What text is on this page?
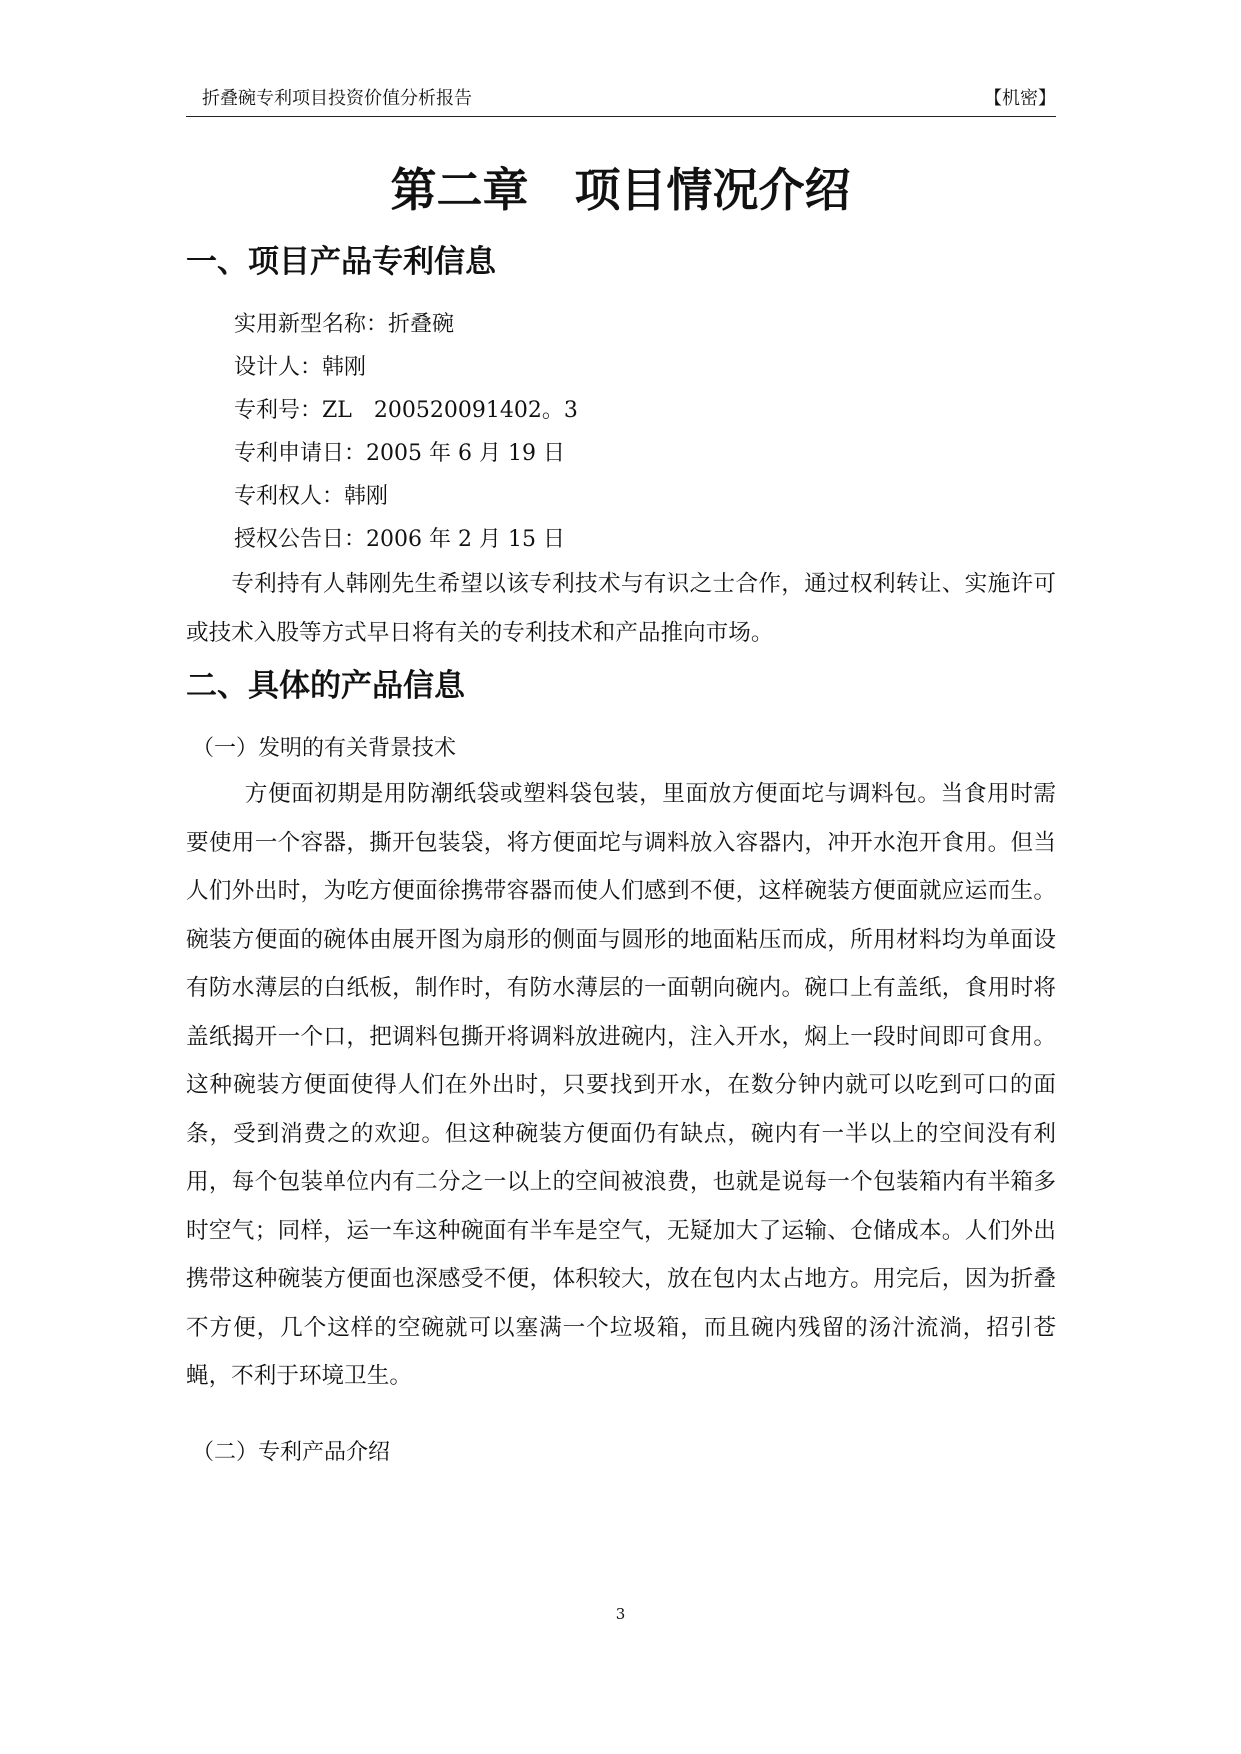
折叠碗专利项目投资价值分析报告	【机密】
第二章　项目情况介绍
一、项目产品专利信息
实用新型名称：折叠碗
设计人：韩刚
专利号：ZL　200520091402。3
专利申请日：2005 年 6 月 19 日
专利权人：韩刚
授权公告日：2006 年 2 月 15 日
专利持有人韩刚先生希望以该专利技术与有识之士合作，通过权利转让、实施许可或技术入股等方式早日将有关的专利技术和产品推向市场。
二、具体的产品信息
（一）发明的有关背景技术
方便面初期是用防潮纸袋或塑料袋包装，里面放方便面坨与调料包。当食用时需要使用一个容器，撕开包装袋，将方便面坨与调料放入容器内，冲开水泡开食用。但当人们外出时，为吃方便面徐携带容器而使人们感到不便，这样碗装方便面就应运而生。碗装方便面的碗体由展开图为扇形的侧面与圆形的地面粘压而成，所用材料均为单面设有防水薄层的白纸板，制作时，有防水薄层的一面朝向碗内。碗口上有盖纸，食用时将盖纸揭开一个口，把调料包撕开将调料放进碗内，注入开水，焖上一段时间即可食用。这种碗装方便面使得人们在外出时，只要找到开水，在数分钟内就可以吃到可口的面条，受到消费之的欢迎。但这种碗装方便面仍有缺点，碗内有一半以上的空间没有利用，每个包装单位内有二分之一以上的空间被浪费，也就是说每一个包装箱内有半箱多时空气；同样，运一车这种碗面有半车是空气，无疑加大了运输、仓储成本。人们外出携带这种碗装方便面也深感受不便，体积较大，放在包内太占地方。用完后，因为折叠不方便，几个这样的空碗就可以塞满一个垃圾箱，而且碗内残留的汤汁流淌，招引苍蝇，不利于环境卫生。
（二）专利产品介绍
3
